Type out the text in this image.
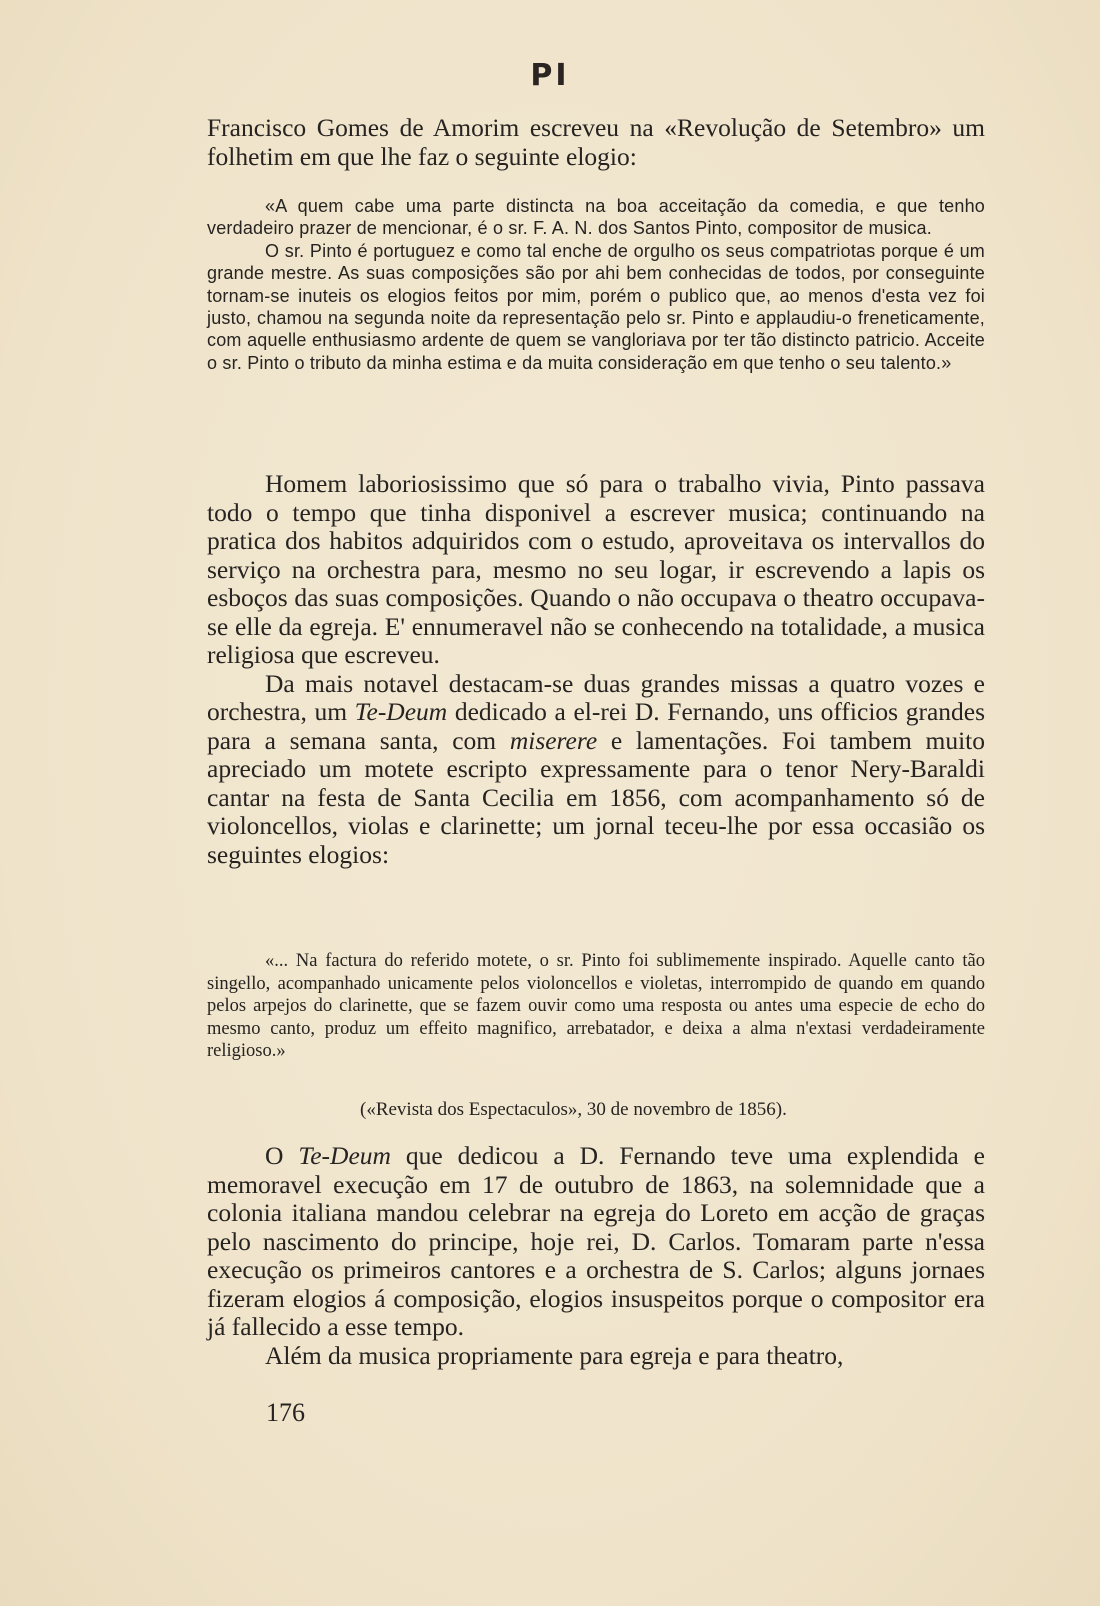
PI

Francisco Gomes de Amorim escreveu na «Revolução de Setembro» um folhetim em que lhe faz o seguinte elogio:

«A quem cabe uma parte distincta na boa acceitação da comedia, e que tenho verdadeiro prazer de mencionar, é o sr. F. A. N. dos Santos Pinto, compositor de musica.

O sr. Pinto é portuguez e como tal enche de orgulho os seus compatriotas porque é um grande mestre. As suas composições são por ahi bem conhecidas de todos, por conseguinte tornam-se inuteis os elogios feitos por mim, porém o publico que, ao menos d'esta vez foi justo, chamou na segunda noite da representação pelo sr. Pinto e applaudiu-o freneticamente, com aquelle enthusiasmo ardente de quem se vangloriava por ter tão distincto patricio. Acceite o sr. Pinto o tributo da minha estima e da muita consideração em que tenho o seu talento.»

Homem laboriosissimo que só para o trabalho vivia, Pinto passava todo o tempo que tinha disponivel a escrever musica; continuando na pratica dos habitos adquiridos com o estudo, aproveitava os intervallos do serviço na orchestra para, mesmo no seu logar, ir escrevendo a lapis os esboços das suas composições. Quando o não occupava o theatro occupava-se elle da egreja. E' ennumeravel não se conhecendo na totalidade, a musica religiosa que escreveu.

Da mais notavel destacam-se duas grandes missas a quatro vozes e orchestra, um Te-Deum dedicado a el-rei D. Fernando, uns officios grandes para a semana santa, com miserere e lamentações. Foi tambem muito apreciado um motete escripto expressamente para o tenor Nery-Baraldi cantar na festa de Santa Cecilia em 1856, com acompanhamento só de violoncellos, violas e clarinette; um jornal teceu-lhe por essa occasião os seguintes elogios:

«... Na factura do referido motete, o sr. Pinto foi sublimemente inspirado. Aquelle canto tão singello, acompanhado unicamente pelos violoncellos e violetas, interrompido de quando em quando pelos arpejos do clarinette, que se fazem ouvir como uma resposta ou antes uma especie de echo do mesmo canto, produz um effeito magnifico, arrebatador, e deixa a alma n'extasi verdadeiramente religioso.»

(«Revista dos Espectaculos», 30 de novembro de 1856).

O Te-Deum que dedicou a D. Fernando teve uma explendida e memoravel execução em 17 de outubro de 1863, na solemnidade que a colonia italiana mandou celebrar na egreja do Loreto em acção de graças pelo nascimento do principe, hoje rei, D. Carlos. Tomaram parte n'essa execução os primeiros cantores e a orchestra de S. Carlos; alguns jornaes fizeram elogios á composição, elogios insuspeitos porque o compositor era já fallecido a esse tempo.

Além da musica propriamente para egreja e para theatro,

176
